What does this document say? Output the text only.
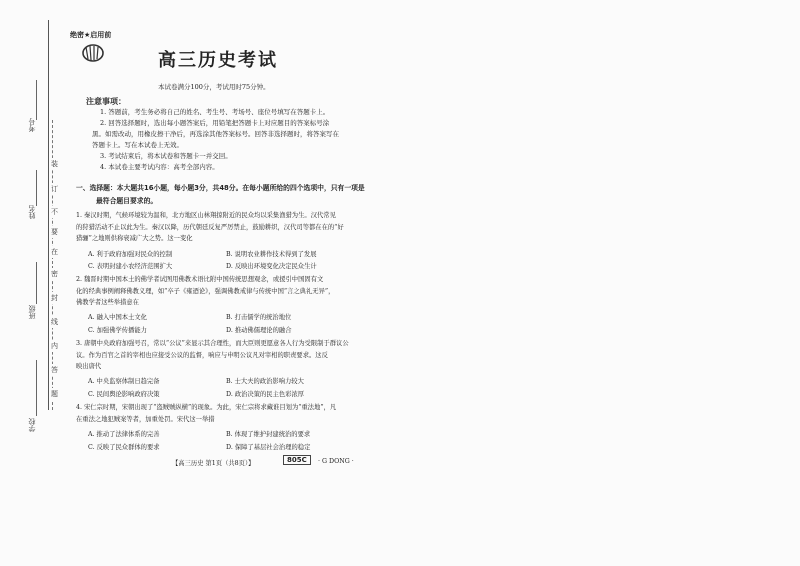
考号
姓名
班级
学校
装
订
不
要
在
密
封
线
内
答
题
绝密★启用前
高三历史考试
本试卷满分100分，考试用时75分钟。
注意事项：
1. 答题前，考生务必将自己的姓名、考生号、考场号、座位号填写在答题卡上。
2. 回答选择题时，选出每小题答案后，用铅笔把答题卡上对应题目的答案标号涂
黑。如需改动，用橡皮擦干净后，再选涂其他答案标号。回答非选择题时，将答案写在
答题卡上。写在本试卷上无效。
3. 考试结束后，将本试卷和答题卡一并交回。
4. 本试卷主要考试内容：高考全部内容。
一、选择题：本大题共16小题，每小题3分，共48分。在每小题所给的四个选项中，只有一项是
最符合题目要求的。
1. 秦汉时期，气候环境较为温和，北方地区山林翔掠附近的民众均以采集渔猎为生。汉代常见
的狩猎活动不止以此为生。秦汉以降，历代朝廷反复严厉禁止，鼓励耕织，汉代司等都在在的“好
猎骊”之地则供称衰减广大之势。这一变化
A. 利于政府加强对民众的控制	B. 说明农业耕作技术得到了发展
C. 表明封建小农经济范围扩大	D. 反映出环境变化决定民众生计
2. 魏晋时期中国本土的佛学者试图用佛教术语比附中国传统思想观念，或援引中国固有文
化的经典事例阐释佛教义理，如“卒子《雍迺论》，强调佛教戒律与传统中国“言之典礼无异”，
佛教学者这些举措意在
A. 融入中国本土文化	B. 打击儒学的统治地位
C. 加强佛学传播能力	D. 推动佛儒理论的融合
3. 唐朝中央政府加强号召，常以“公议”来显示其合理性，而大臣则更愿意各人行为受限制于群议公
议。作为百官之首的宰相也应接受公议的监督，响应与申明公议凡对宰相的职责要求。这反
映出唐代
A. 中央监察体制日趋完备	B. 士大夫的政治影响力较大
C. 民间舆论影响政府决策	D. 政治决策的民主色彩浓厚
4. 宋仁宗时期，宋朝出现了“盗贼贼纵横”的现象。为此，宋仁宗将求藏谁目划为“重法地”，凡
在重法之地犯贼案等者，加重处罚。宋代这一举措
A. 推动了法律体系的完善	B. 体现了维护封建统治的要求
C. 反映了民众群体的要求	D. 保障了基层社会治理的稳定
【高三历史 第1页（共8页）】	805C	· G DONG ·
